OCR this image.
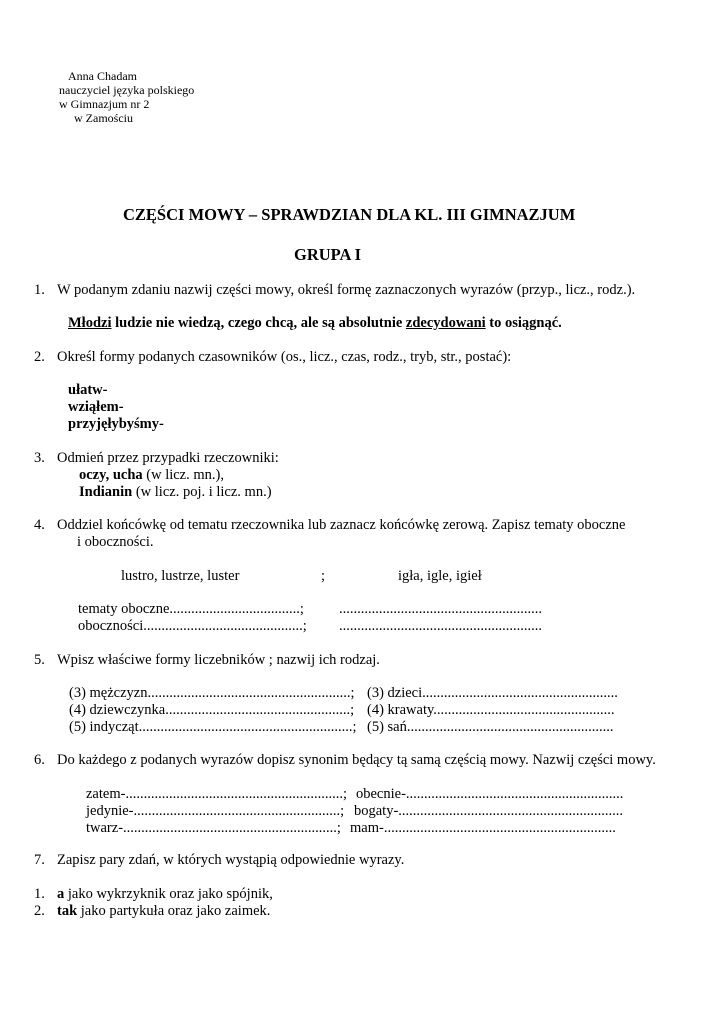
Anna Chadam
nauczyciel języka polskiego
w Gimnazjum nr 2
w Zamościu
CZĘŚCI MOWY – SPRAWDZIAN DLA KL. III GIMNAZJUM
GRUPA I
1. W podanym zdaniu nazwij części mowy, określ formę zaznaczonych wyrazów (przyp., licz., rodz.).
Młodzi ludzie nie wiedzą, czego chcą, ale są absolutnie zdecydowani to osiągnąć.
2. Określ formy podanych czasowników (os., licz., czas, rodz., tryb, str., postać):
ułatw-
wziąłem-
przyjęłybyśmy-
3. Odmień przez przypadki rzeczowniki:
oczy, ucha (w licz. mn.),
Indianin (w licz. poj. i licz. mn.)
4. Oddziel końcówkę od tematu rzeczownika lub zaznacz końcówkę zerową. Zapisz tematy oboczne
i oboczności.
lustro, lustrze, luster	;	igła, igle, igieł
tematy oboczne....................................; ........................................................
oboczności............................................; ........................................................
5. Wpisz właściwe formy liczebników ; nazwij ich rodzaj.
(3) mężczyzn........................................................; (3) dzieci......................................................
(4) dziewczynka...................................................; (4) krawaty..................................................
(5) indycząt...........................................................; (5) sań.........................................................
6. Do każdego z podanych wyrazów dopisz synonim będący tą samą częścią mowy. Nazwij części mowy.
zatem-............................................................; obecnie-............................................................
jedynie-.........................................................; bogaty-..............................................................
twarz-...........................................................; mam-................................................................
7. Zapisz pary zdań, w których wystąpią odpowiednie wyrazy.
1. a jako wykrzyknik oraz jako spójnik,
2. tak jako partykuła oraz jako zaimek.
